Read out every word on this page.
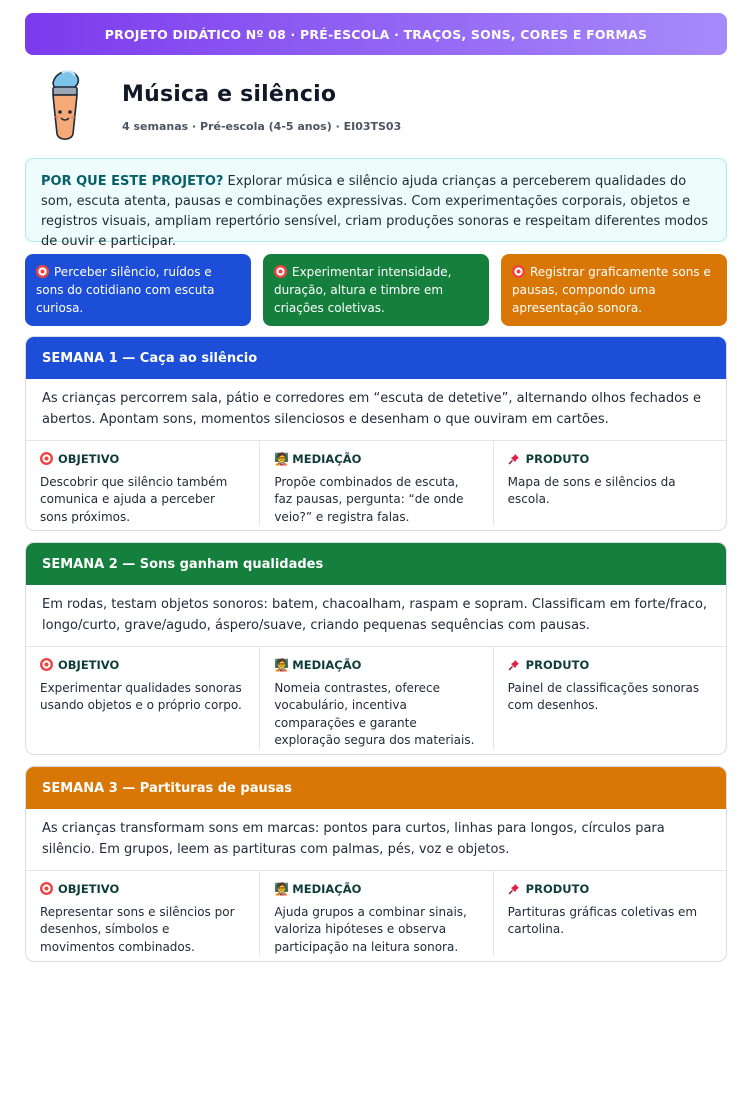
PROJETO DIDÁTICO Nº 08 · PRÉ-ESCOLA · TRAÇOS, SONS, CORES E FORMAS
Música e silêncio
4 semanas · Pré-escola (4-5 anos) · EI03TS03
POR QUE ESTE PROJETO? Explorar música e silêncio ajuda crianças a perceberem qualidades do som, escuta atenta, pausas e combinações expressivas. Com experimentações corporais, objetos e registros visuais, ampliam repertório sensível, criam produções sonoras e respeitam diferentes modos de ouvir e participar.
Perceber silêncio, ruídos e sons do cotidiano com escuta curiosa.
Experimentar intensidade, duração, altura e timbre em criações coletivas.
Registrar graficamente sons e pausas, compondo uma apresentação sonora.
SEMANA 1 — Caça ao silêncio
As crianças percorrem sala, pátio e corredores em “escuta de detetive”, alternando olhos fechados e abertos. Apontam sons, momentos silenciosos e desenham o que ouviram em cartões.
OBJETIVO
Descobrir que silêncio também comunica e ajuda a perceber sons próximos.
🧑‍🏫 MEDIAÇÃO
Propõe combinados de escuta, faz pausas, pergunta: “de onde veio?” e registra falas.
PRODUTO
Mapa de sons e silêncios da escola.
SEMANA 2 — Sons ganham qualidades
Em rodas, testam objetos sonoros: batem, chacoalham, raspam e sopram. Classificam em forte/fraco, longo/curto, grave/agudo, áspero/suave, criando pequenas sequências com pausas.
OBJETIVO
Experimentar qualidades sonoras usando objetos e o próprio corpo.
🧑‍🏫 MEDIAÇÃO
Nomeia contrastes, oferece vocabulário, incentiva comparações e garante exploração segura dos materiais.
PRODUTO
Painel de classificações sonoras com desenhos.
SEMANA 3 — Partituras de pausas
As crianças transformam sons em marcas: pontos para curtos, linhas para longos, círculos para silêncio. Em grupos, leem as partituras com palmas, pés, voz e objetos.
OBJETIVO
Representar sons e silêncios por desenhos, símbolos e movimentos combinados.
🧑‍🏫 MEDIAÇÃO
Ajuda grupos a combinar sinais, valoriza hipóteses e observa participação na leitura sonora.
PRODUTO
Partituras gráficas coletivas em cartolina.
